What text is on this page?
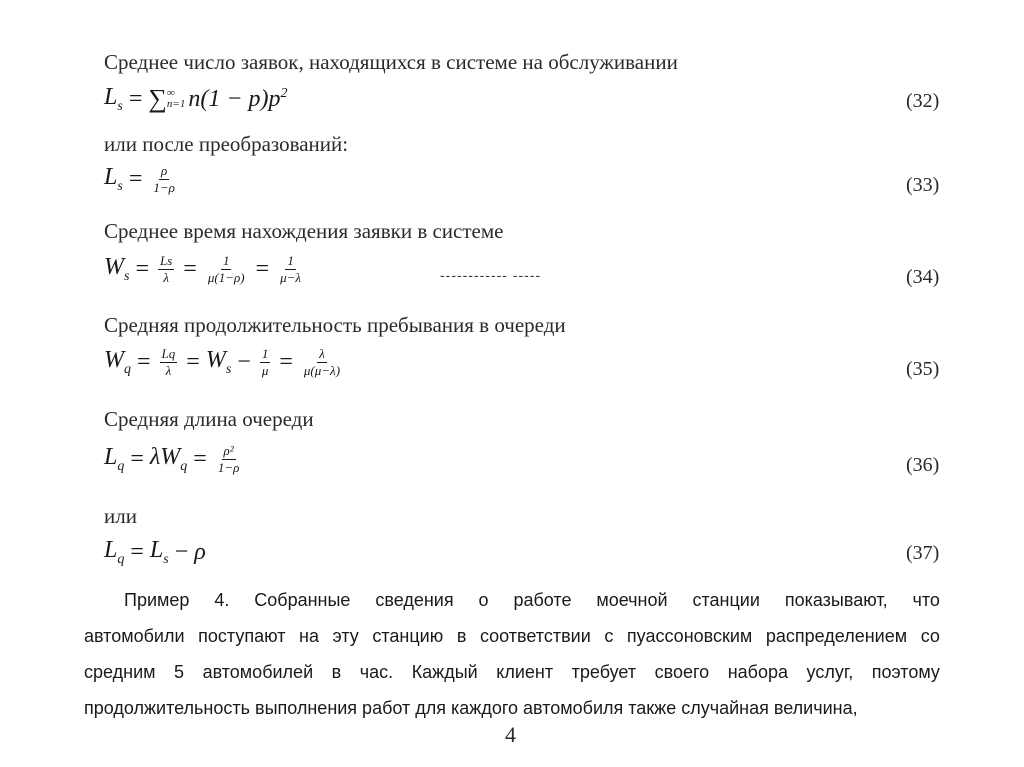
Среднее число заявок, находящихся в системе на обслуживании
$L_s$ = ∑ ∞
n=1 $n(1 - p)p^2$	(32)
или после преобразований:
$L_s = \frac{\rho}{1-\rho}$	(33)
Среднее время нахождения заявки в системе
$W_s = \frac{Ls}{\lambda} = \frac{1}{\mu(1-\rho)} = \frac{1}{\mu-\lambda}$	------------ -----	(34)
Средняя продолжительность пребывания в очереди
$W_q = \frac{Lq}{\lambda} = W_s - \frac{1}{\mu} = \frac{\lambda}{\mu(\mu-\lambda)}$	(35)
Средняя длина очереди
$L_q = \lambda W_q = \frac{\text{ρ²}}{1-\rho}$	(36)
или
$L_q = L_s - \rho$	(37)
Пример 4. Собранные сведения о работе моечной станции показывают, что
автомобили поступают на эту станцию в соответствии с пуассоновским распределением со
средним 5 автомобилей в час. Каждый клиент требует своего набора услуг, поэтому
продолжительность выполнения работ для каждого автомобиля также случайная величина,
4
